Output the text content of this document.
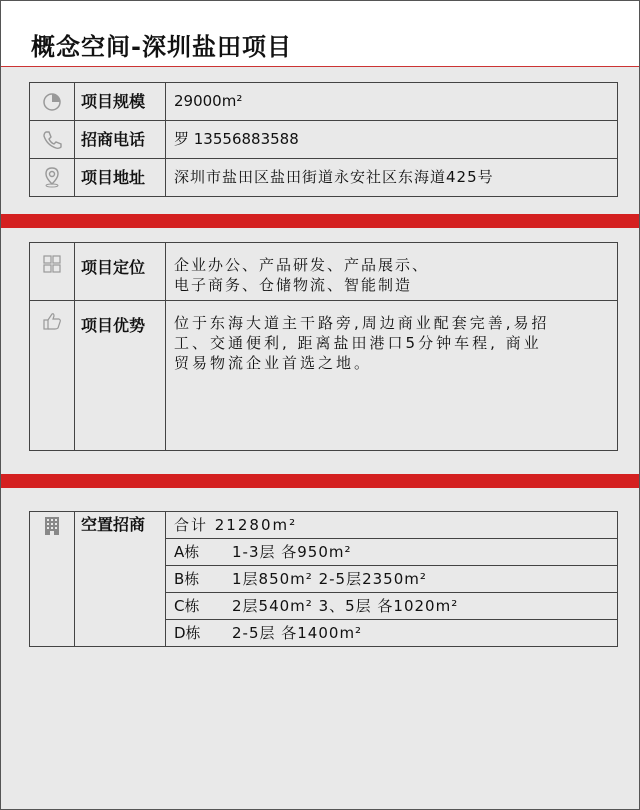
概念空间-深圳盐田项目

项目规模	29000m²

招商电话	罗 13556883588

项目地址	深圳市盐田区盐田街道永安社区东海道425号

项目定位	企业办公、产品研发、产品展示、
电子商务、仓储物流、智能制造

项目优势	位于东海大道主干路旁,周边商业配套完善,易招
工、交通便利, 距离盐田港口5分钟车程, 商业
贸易物流企业首选之地。

空置招商	合计 21280m²

A栋 1-3层 各950m²

B栋 1层850m² 2-5层2350m²

C栋 2层540m² 3、5层 各1020m²

D栋 2-5层 各1400m²
